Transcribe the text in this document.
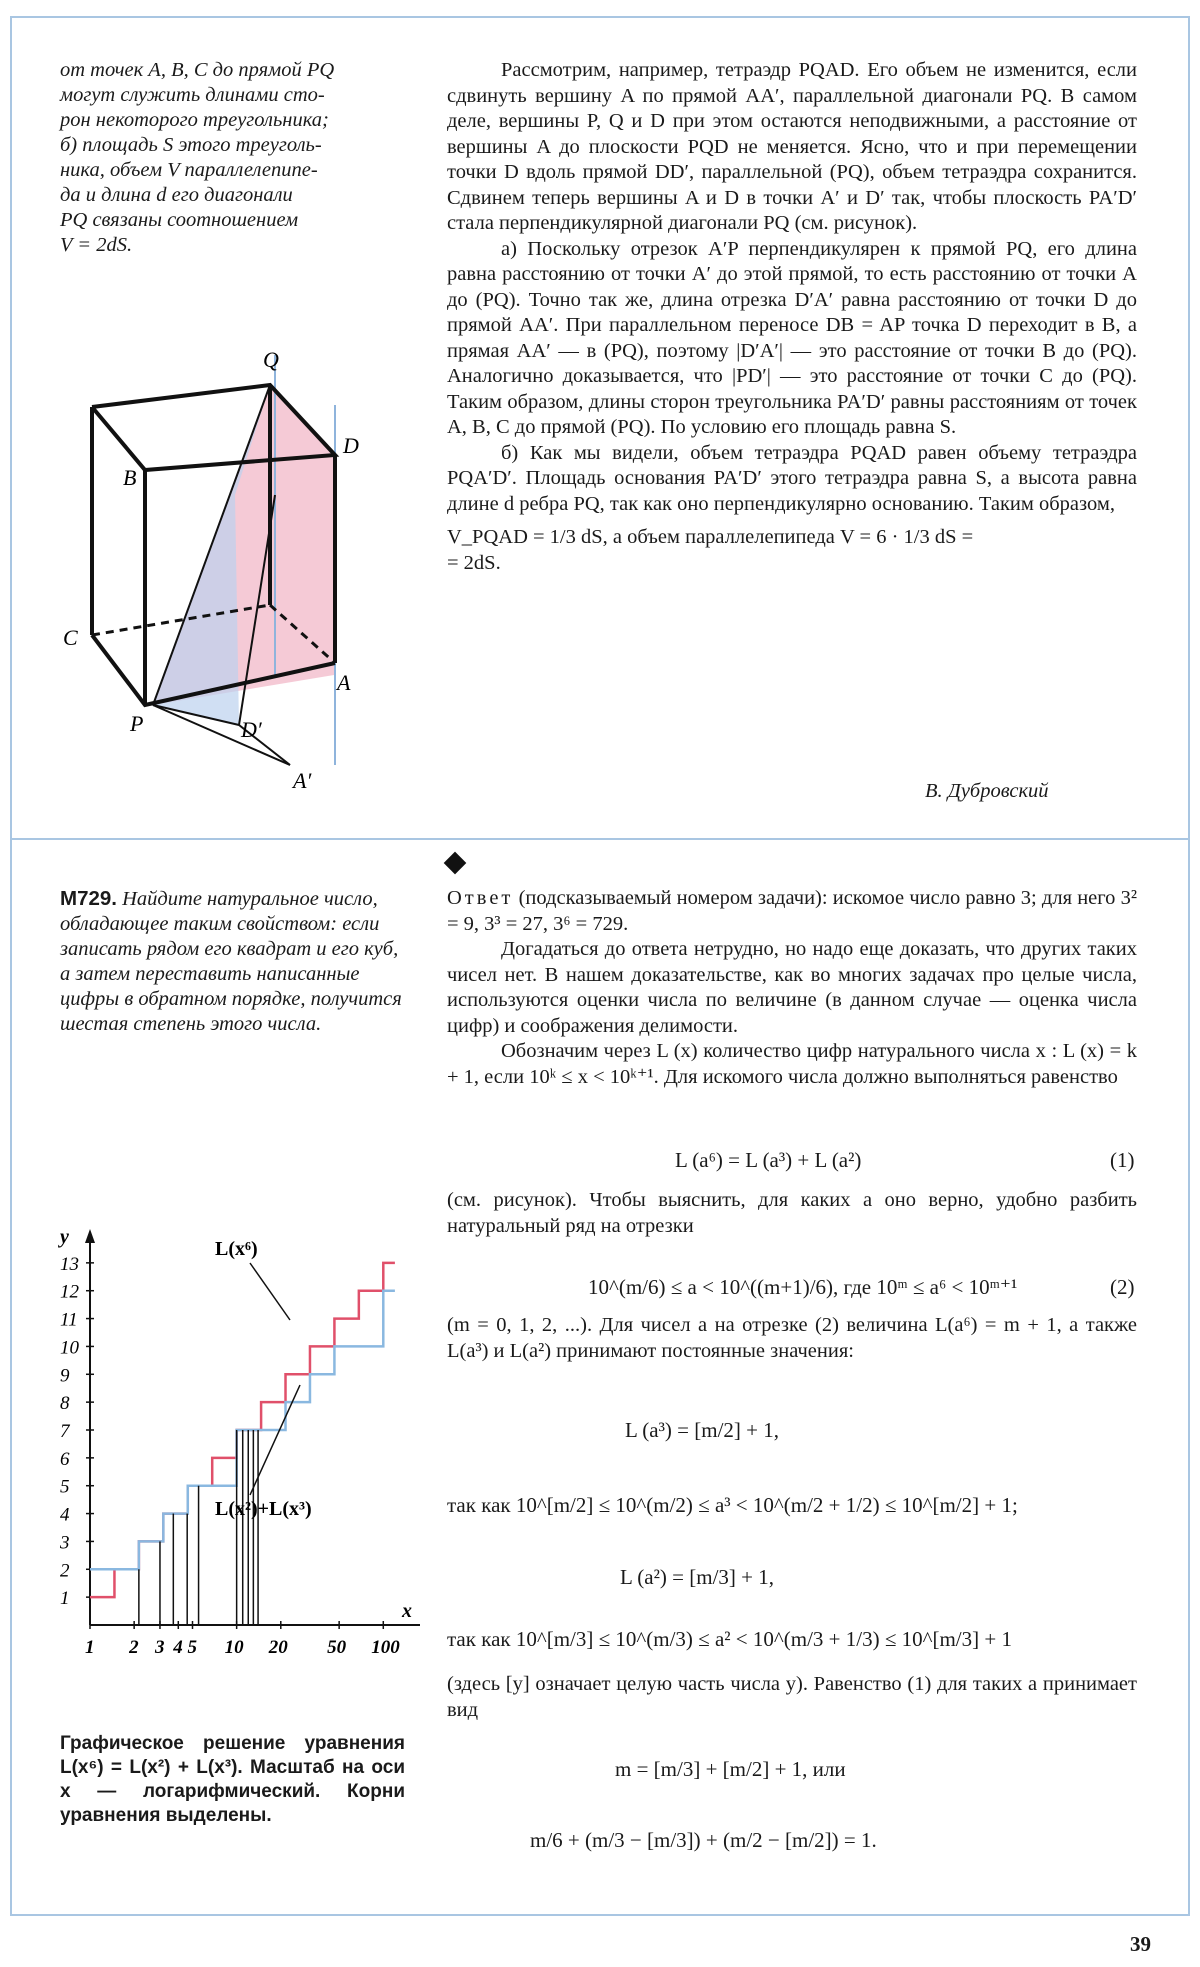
от точек A, B, C до прямой PQ
могут служить длинами сто-
рон некоторого треугольника;
б) площадь S этого треуголь-
ника, объем V параллелепипе-
да и длина d его диагонали
PQ связаны соотношением
V = 2dS.
Q
D
B
C
A
P	D′
A′

Рассмотрим, например, тетраэдр PQAD. Его объем не изменится, если сдвинуть вершину A по прямой AA′, параллельной диагонали PQ. В самом деле, вершины P, Q и D при этом остаются неподвижными, а расстояние от вершины A до плоскости PQD не меняется. Ясно, что и при перемещении точки D вдоль прямой DD′, параллельной (PQ), объем тетраэдра сохранится. Сдвинем теперь вершины A и D в точки A′ и D′ так, чтобы плоскость PA′D′ стала перпендикулярной диагонали PQ (см. рисунок).

а) Поскольку отрезок A′P перпендикулярен к прямой PQ, его длина равна расстоянию от точки A′ до этой прямой, то есть расстоянию от точки A до (PQ). Точно так же, длина отрезка D′A′ равна расстоянию от точки D до прямой AA′. При параллельном переносе DB = AP точка D переходит в B, а прямая AA′ — в (PQ), поэтому |D′A′| — это расстояние от точки B до (PQ). Аналогично доказывается, что |PD′| — это расстояние от точки C до (PQ). Таким образом, длины сторон треугольника PA′D′ равны расстояниям от точек A, B, C до прямой (PQ). По условию его площадь равна S.

б) Как мы видели, объем тетраэдра PQAD равен объему тетраэдра PQA′D′. Площадь основания PA′D′ этого тетраэдра равна S, а высота равна длине d ребра PQ, так как оно перпендикулярно основанию. Таким образом,

V_PQAD = 1/3 dS, а объем параллелепипеда V = 6 · 1/3 dS =
= 2dS.
В. Дубровский
М729. Найдите натуральное число, обладающее таким свойством: если записать рядом его квадрат и его куб, а затем переставить написанные цифры в обратном порядке, получится шестая степень этого числа.

Ответ (подсказываемый номером задачи): искомое число равно 3; для него 3² = 9, 3³ = 27, 3⁶ = 729.

Догадаться до ответа нетрудно, но надо еще доказать, что других таких чисел нет. В нашем доказательстве, как во многих задачах про целые числа, используются оценки числа по величине (в данном случае — оценка числа цифр) и соображения делимости.

Обозначим через L (x) количество цифр натурального числа x : L (x) = k + 1, если 10ᵏ ≤ x < 10ᵏ⁺¹. Для искомого числа должно выполняться равенство

L (a⁶) = L (a³) + L (a²)	(1)
(см. рисунок). Чтобы выяснить, для каких a оно верно, удобно разбить натуральный ряд на отрезки
10^(m/6) ≤ a < 10^((m+1)/6), где 10ᵐ ≤ a⁶ < 10ᵐ⁺¹	(2)
(m = 0, 1, 2, ...). Для чисел a на отрезке (2) величина L(a⁶) = m + 1, а также L(a³) и L(a²) принимают постоянные значения:
L (a³) = [m/2] + 1,
так как 10^[m/2] ≤ 10^(m/2) ≤ a³ < 10^(m/2 + 1/2) ≤ 10^[m/2] + 1;
L (a²) = [m/3] + 1,
так как 10^[m/3] ≤ 10^(m/3) ≤ a² < 10^(m/3 + 1/3) ≤ 10^[m/3] + 1
(здесь [y] означает целую часть числа y). Равенство (1) для таких a принимает вид
m = [m/3] + [m/2] + 1, или
m/6 + (m/3 − [m/3]) + (m/2 − [m/2]) = 1.
y
x
1
2
3
4
5
6
7
8
9
10
11
12
13
1 2 3 4 5 10 20 50 100
L(x⁶)
L(x²)+L(x³)
Графическое решение уравнения L(x⁶) = L(x²) + L(x³). Масштаб на оси x — логарифмический. Корни уравнения выделены.
39
